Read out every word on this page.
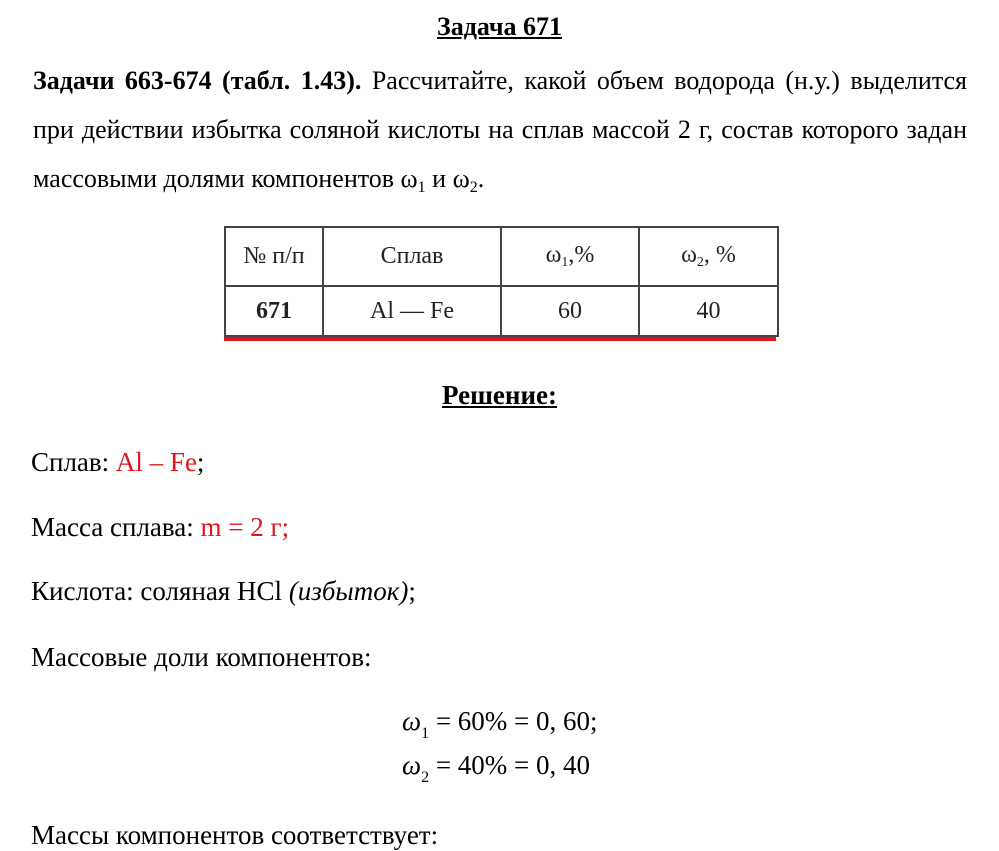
Задача 671
Задачи 663-674 (табл. 1.43). Рассчитайте, какой объем водорода (н.у.) выделится при действии избытка соляной кислоты на сплав массой 2 г, состав которого задан массовыми долями компонентов $\omega_1$ и $\omega_2$.
№ п/п	Сплав	ω1,%	ω2, %
671	Al — Fe	60	40
Решение:
Сплав: Al – Fe;
Масса сплава: m = 2 г;
Кислота: соляная HCl (избыток);
Массовые доли компонентов:
$\omega_1 = 60\% = 0$, 60;
$\omega_2 = 40\% = 0$, 40
Массы компонентов соответствует:
